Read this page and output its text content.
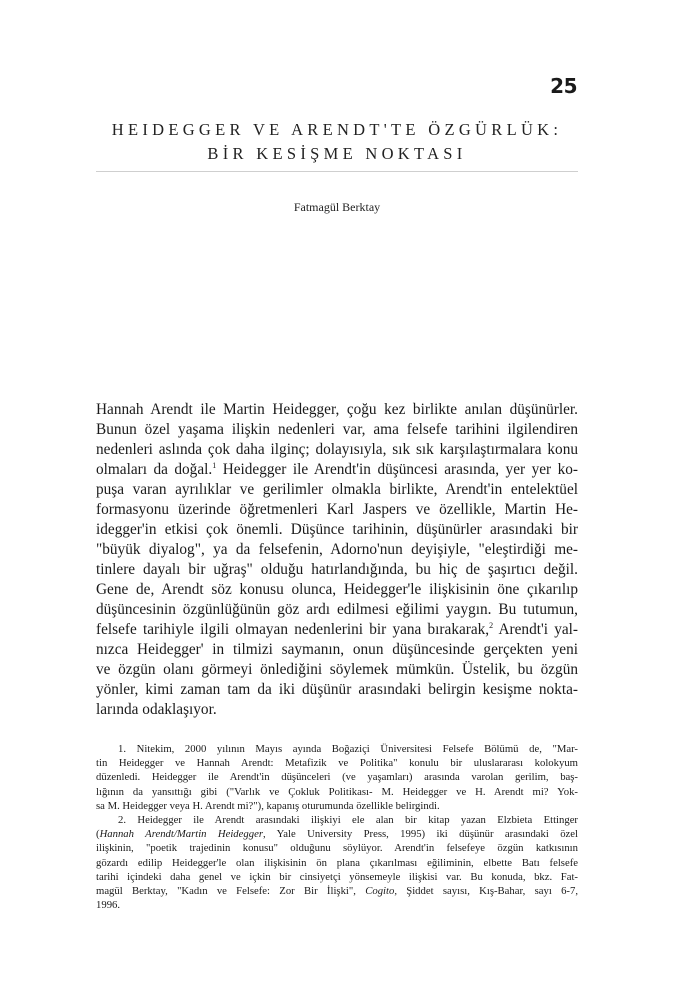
25
HEIDEGGER VE ARENDT'TE ÖZGÜRLÜK:
BİR KESİŞME NOKTASI
Fatmagül Berktay
Hannah Arendt ile Martin Heidegger, çoğu kez birlikte anılan düşünürler.
Bunun özel yaşama ilişkin nedenleri var, ama felsefe tarihini ilgilendiren
nedenleri aslında çok daha ilginç; dolayısıyla, sık sık karşılaştırmalara konu
olmaları da doğal.$^1$ Heidegger ile Arendt'in düşüncesi arasında, yer yer ko-
puşa varan ayrılıklar ve gerilimler olmakla birlikte, Arendt'in entelektüel
formasyonu üzerinde öğretmenleri Karl Jaspers ve özellikle, Martin He-
idegger'in etkisi çok önemli. Düşünce tarihinin, düşünürler arasındaki bir
"büyük diyalog", ya da felsefenin, Adorno'nun deyişiyle, "eleştirdiği me-
tinlere dayalı bir uğraş" olduğu hatırlandığında, bu hiç de şaşırtıcı değil.
Gene de, Arendt söz konusu olunca, Heidegger'le ilişkisinin öne çıkarılıp
düşüncesinin özgünlüğünün göz ardı edilmesi eğilimi yaygın. Bu tutumun,
felsefe tarihiyle ilgili olmayan nedenlerini bir yana bırakarak,$^2$ Arendt'i yal-
nızca Heidegger' in tilmizi saymanın, onun düşüncesinde gerçekten yeni
ve özgün olanı görmeyi önlediğini söylemek mümkün. Üstelik, bu özgün
yönler, kimi zaman tam da iki düşünür arasındaki belirgin kesişme nokta-
larında odaklaşıyor.
1. Nitekim, 2000 yılının Mayıs ayında Boğaziçi Üniversitesi Felsefe Bölümü de, "Mar-
tin Heidegger ve Hannah Arendt: Metafizik ve Politika" konulu bir uluslararası kolokyum
düzenledi. Heidegger ile Arendt'in düşünceleri (ve yaşamları) arasında varolan gerilim, baş-
lığının da yansıttığı gibi ("Varlık ve Çokluk Politikası- M. Heidegger ve H. Arendt mi? Yok-
sa M. Heidegger veya H. Arendt mi?"), kapanış oturumunda özellikle belirgindi.
2. Heidegger ile Arendt arasındaki ilişkiyi ele alan bir kitap yazan Elzbieta Ettinger
(Hannah Arendt/Martin Heidegger, Yale University Press, 1995) iki düşünür arasındaki özel
ilişkinin, "poetik trajedinin konusu" olduğunu söylüyor. Arendt'in felsefeye özgün katkısının
gözardı edilip Heidegger'le olan ilişkisinin ön plana çıkarılması eğiliminin, elbette Batı felsefe
tarihi içindeki daha genel ve içkin bir cinsiyetçi yönsemeyle ilişkisi var. Bu konuda, bkz. Fat-
magül Berktay, "Kadın ve Felsefe: Zor Bir İlişki", Cogito, Şiddet sayısı, Kış-Bahar, sayı 6-7,
1996.
